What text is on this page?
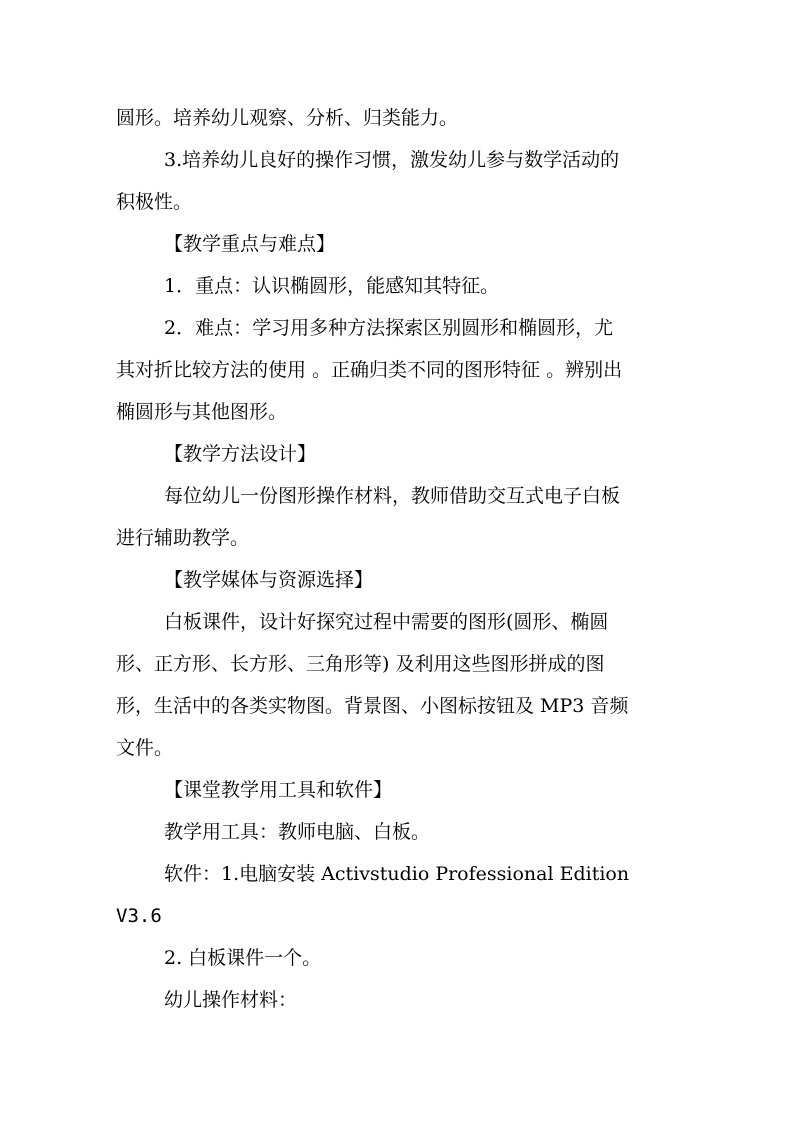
圆形。培养幼儿观察、分析、归类能力。
3.培养幼儿良好的操作习惯，激发幼儿参与数学活动的
积极性。
【教学重点与难点】
1．重点：认识椭圆形，能感知其特征。
2．难点：学习用多种方法探索区别圆形和椭圆形，尤
其对折比较方法的使用 。正确归类不同的图形特征 。辨别出
椭圆形与其他图形。
【教学方法设计】
每位幼儿一份图形操作材料，教师借助交互式电子白板
进行辅助教学。
【教学媒体与资源选择】
白板课件，设计好探究过程中需要的图形(圆形、椭圆
形、正方形、长方形、三角形等) 及利用这些图形拼成的图
形，生活中的各类实物图。背景图、小图标按钮及 MP3 音频
文件。
【课堂教学用工具和软件】
教学用工具：教师电脑、白板。
软件：1.电脑安装 Activstudio Professional Edition
V3.6
2. 白板课件一个。
幼儿操作材料：
